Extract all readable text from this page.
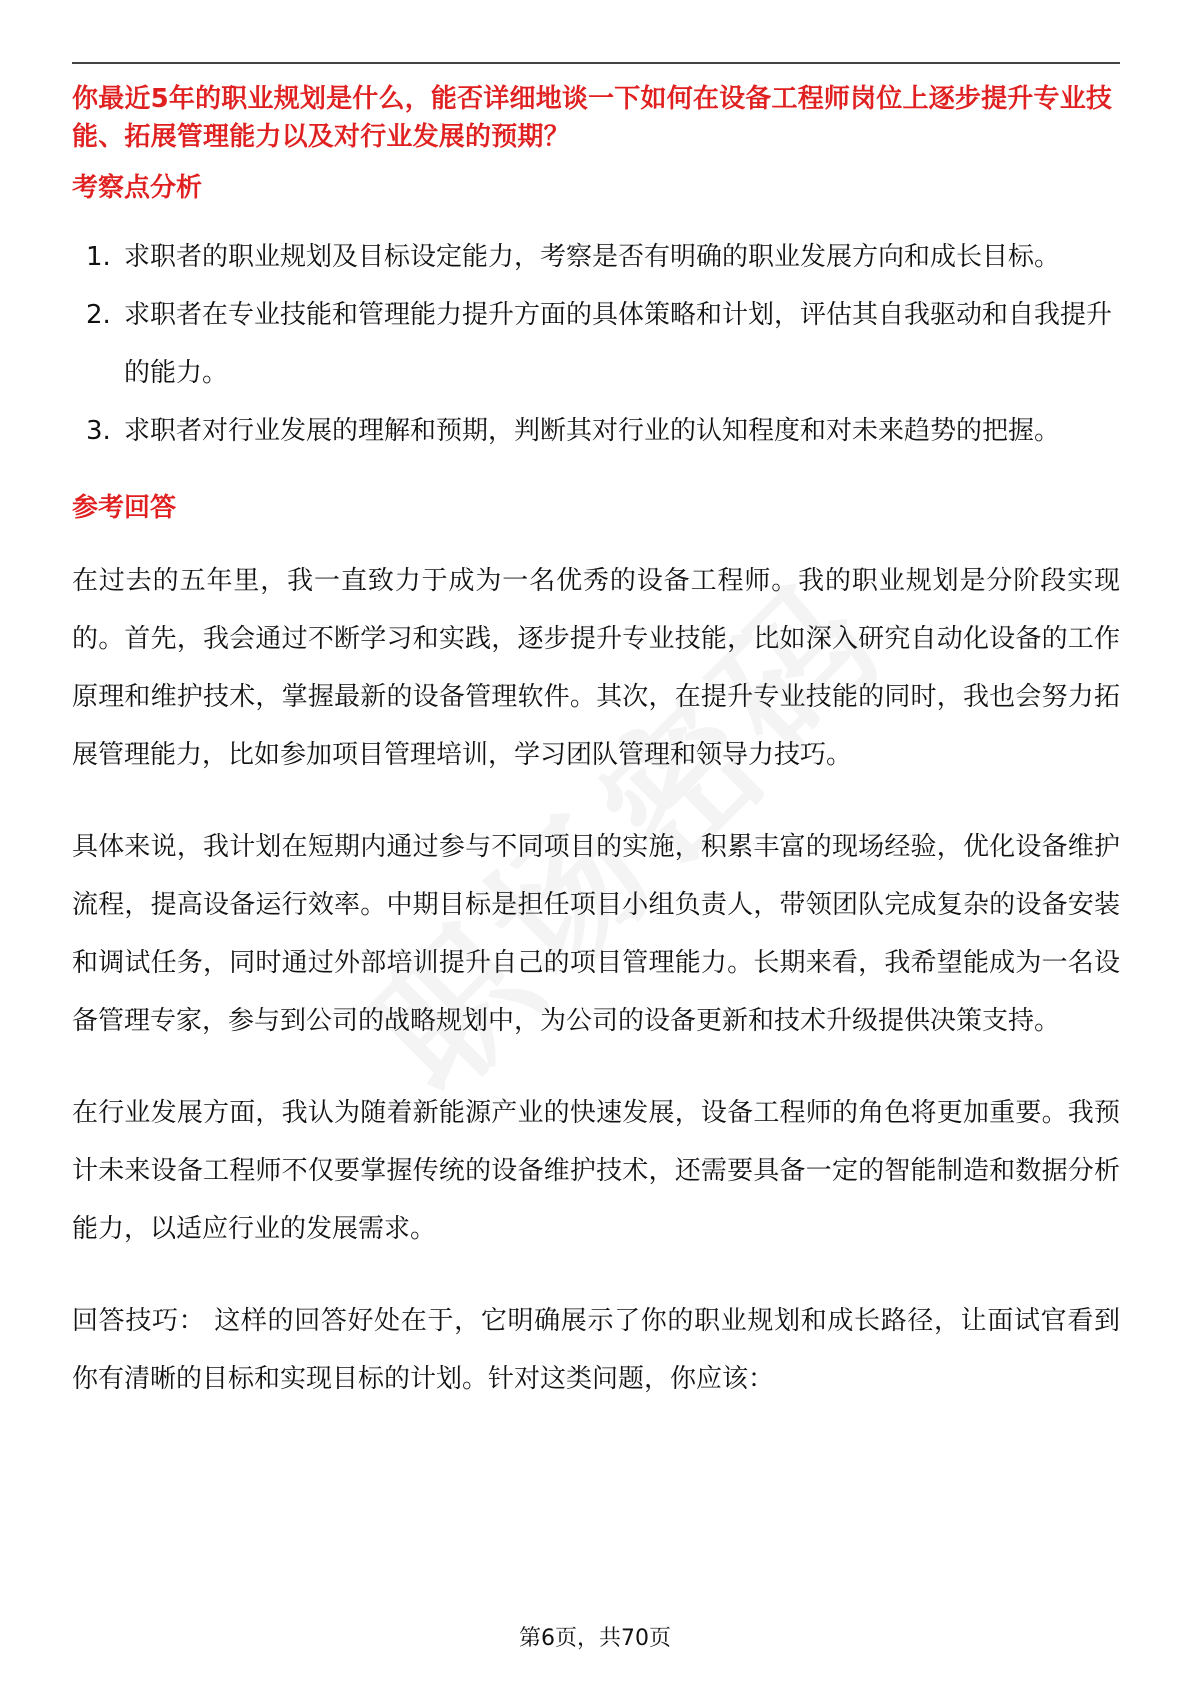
你最近5年的职业规划是什么，能否详细地谈一下如何在设备工程师岗位上逐步提升专业技能、拓展管理能力以及对行业发展的预期？

考察点分析
1. 求职者的职业规划及目标设定能力，考察是否有明确的职业发展方向和成长目标。
2. 求职者在专业技能和管理能力提升方面的具体策略和计划，评估其自我驱动和自我提升的能力。
3. 求职者对行业发展的理解和预期，判断其对行业的认知程度和对未来趋势的把握。
参考回答

在过去的五年里，我一直致力于成为一名优秀的设备工程师。我的职业规划是分阶段实现的。首先，我会通过不断学习和实践，逐步提升专业技能，比如深入研究自动化设备的工作原理和维护技术，掌握最新的设备管理软件。其次，在提升专业技能的同时，我也会努力拓展管理能力，比如参加项目管理培训，学习团队管理和领导力技巧。

具体来说，我计划在短期内通过参与不同项目的实施，积累丰富的现场经验，优化设备维护流程，提高设备运行效率。中期目标是担任项目小组负责人，带领团队完成复杂的设备安装和调试任务，同时通过外部培训提升自己的项目管理能力。长期来看，我希望能成为一名设备管理专家，参与到公司的战略规划中，为公司的设备更新和技术升级提供决策支持。

在行业发展方面，我认为随着新能源产业的快速发展，设备工程师的角色将更加重要。我预计未来设备工程师不仅要掌握传统的设备维护技术，还需要具备一定的智能制造和数据分析能力，以适应行业的发展需求。

回答技巧： 这样的回答好处在于，它明确展示了你的职业规划和成长路径，让面试官看到你有清晰的目标和实现目标的计划。针对这类问题，你应该：

第6页，共70页
